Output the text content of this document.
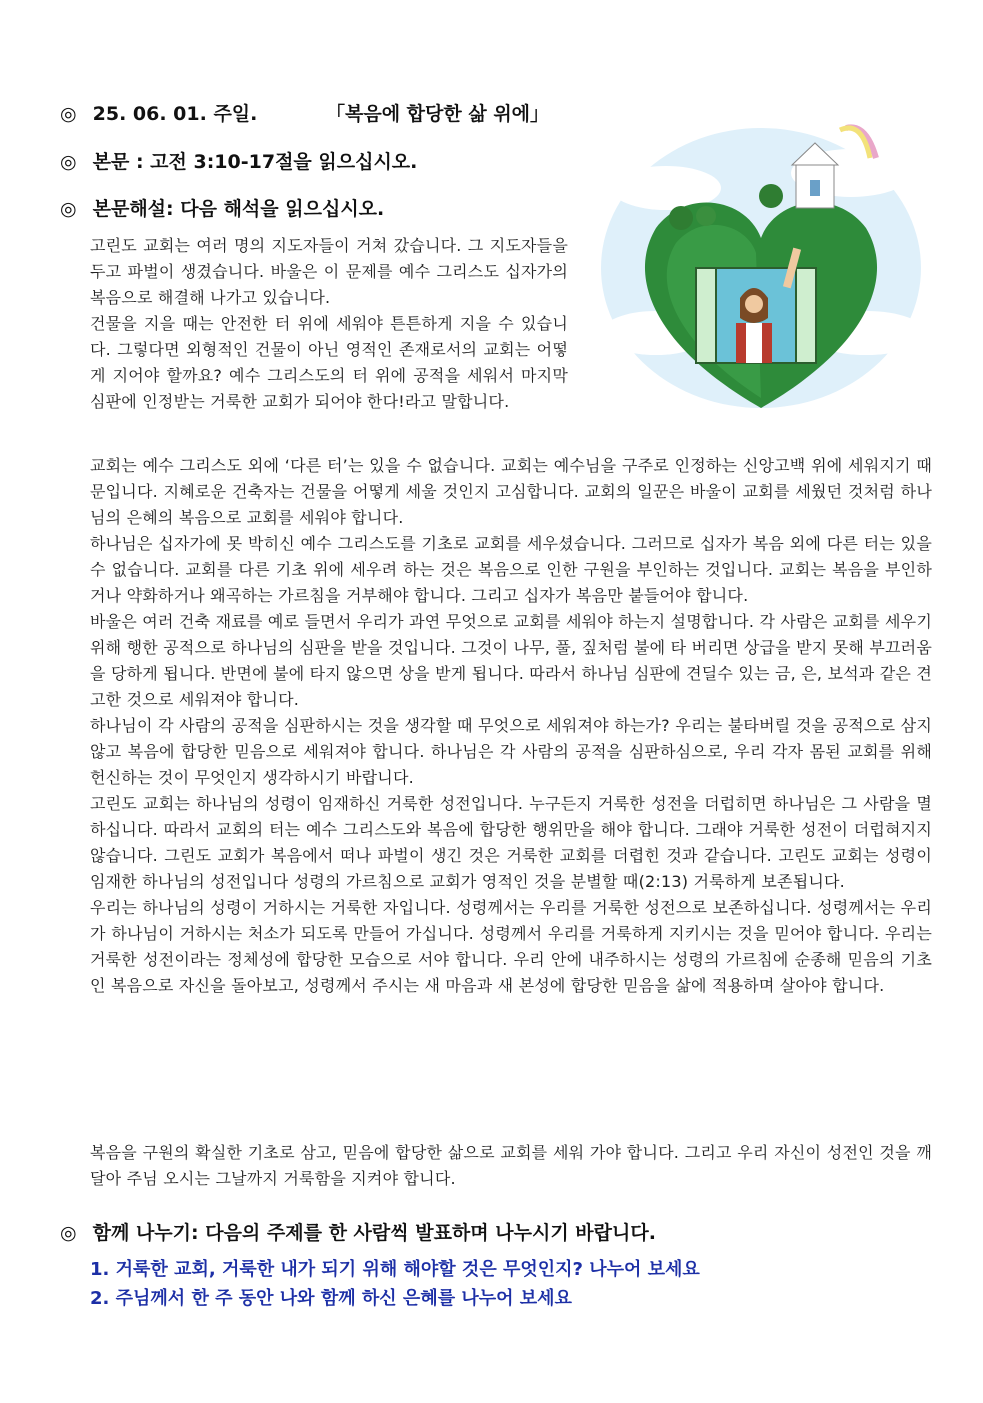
◎ 25. 06. 01. 주일.	「복음에 합당한 삶 위에」
◎ 본문 : 고전 3:10-17절을 읽으십시오.
◎ 본문해설: 다음 해석을 읽으십시오.

고린도 교회는 여러 명의 지도자들이 거쳐 갔습니다. 그 지도자들을 두고 파벌이 생겼습니다. 바울은 이 문제를 예수 그리스도 십자가의 복음으로 해결해 나가고 있습니다.

건물을 지을 때는 안전한 터 위에 세워야 튼튼하게 지을 수 있습니다. 그렇다면 외형적인 건물이 아닌 영적인 존재로서의 교회는 어떻게 지어야 할까요? 예수 그리스도의 터 위에 공적을 세워서 마지막 심판에 인정받는 거룩한 교회가 되어야 한다!라고 말합니다.

교회는 예수 그리스도 외에 ‘다른 터’는 있을 수 없습니다. 교회는 예수님을 구주로 인정하는 신앙고백 위에 세워지기 때문입니다. 지혜로운 건축자는 건물을 어떻게 세울 것인지 고심합니다. 교회의 일꾼은 바울이 교회를 세웠던 것처럼 하나님의 은혜의 복음으로 교회를 세워야 합니다.

하나님은 십자가에 못 박히신 예수 그리스도를 기초로 교회를 세우셨습니다. 그러므로 십자가 복음 외에 다른 터는 있을 수 없습니다. 교회를 다른 기초 위에 세우려 하는 것은 복음으로 인한 구원을 부인하는 것입니다. 교회는 복음을 부인하거나 약화하거나 왜곡하는 가르침을 거부해야 합니다. 그리고 십자가 복음만 붙들어야 합니다.

바울은 여러 건축 재료를 예로 들면서 우리가 과연 무엇으로 교회를 세워야 하는지 설명합니다. 각 사람은 교회를 세우기 위해 행한 공적으로 하나님의 심판을 받을 것입니다. 그것이 나무, 풀, 짚처럼 불에 타 버리면 상급을 받지 못해 부끄러움을 당하게 됩니다. 반면에 불에 타지 않으면 상을 받게 됩니다. 따라서 하나님 심판에 견딜수 있는 금, 은, 보석과 같은 견고한 것으로 세워져야 합니다.

하나님이 각 사람의 공적을 심판하시는 것을 생각할 때 무엇으로 세워져야 하는가? 우리는 불타버릴 것을 공적으로 삼지 않고 복음에 합당한 믿음으로 세워져야 합니다. 하나님은 각 사람의 공적을 심판하심으로, 우리 각자 몸된 교회를 위해 헌신하는 것이 무엇인지 생각하시기 바랍니다.

고린도 교회는 하나님의 성령이 임재하신 거룩한 성전입니다. 누구든지 거룩한 성전을 더럽히면 하나님은 그 사람을 멸하십니다. 따라서 교회의 터는 예수 그리스도와 복음에 합당한 행위만을 해야 합니다. 그래야 거룩한 성전이 더럽혀지지 않습니다. 그린도 교회가 복음에서 떠나 파벌이 생긴 것은 거룩한 교회를 더렵힌 것과 같습니다. 고린도 교회는 성령이 임재한 하나님의 성전입니다 성령의 가르침으로 교회가 영적인 것을 분별할 때(2:13) 거룩하게 보존됩니다.

우리는 하나님의 성령이 거하시는 거룩한 자입니다. 성령께서는 우리를 거룩한 성전으로 보존하십니다. 성령께서는 우리가 하나님이 거하시는 처소가 되도록 만들어 가십니다. 성령께서 우리를 거룩하게 지키시는 것을 믿어야 합니다. 우리는 거룩한 성전이라는 정체성에 합당한 모습으로 서야 합니다. 우리 안에 내주하시는 성령의 가르침에 순종해 믿음의 기초인 복음으로 자신을 돌아보고, 성령께서 주시는 새 마음과 새 본성에 합당한 믿음을 삶에 적용하며 살아야 합니다.

복음을 구원의 확실한 기초로 삼고, 믿음에 합당한 삶으로 교회를 세워 가야 합니다. 그리고 우리 자신이 성전인 것을 깨달아 주님 오시는 그날까지 거룩함을 지켜야 합니다.

◎ 함께 나누기: 다음의 주제를 한 사람씩 발표하며 나누시기 바랍니다.
1. 거룩한 교회, 거룩한 내가 되기 위해 해야할 것은 무엇인지? 나누어 보세요
2. 주님께서 한 주 동안 나와 함께 하신 은혜를 나누어 보세요
